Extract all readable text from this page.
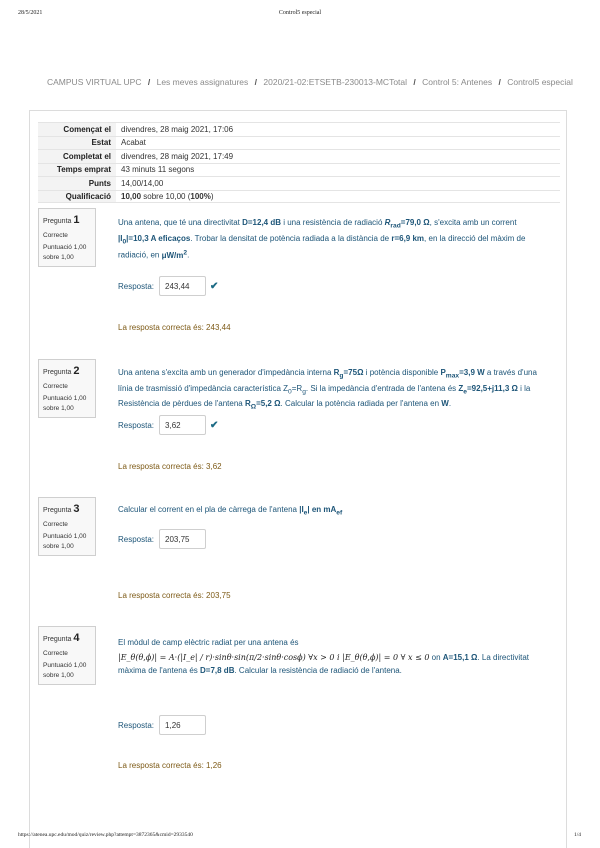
28/5/2021	Control5 especial
CAMPUS VIRTUAL UPC / Les meves assignatures / 2020/21-02:ETSETB-230013-MCTotal / Control 5: Antenes / Control5 especial
Començat el	divendres, 28 maig 2021, 17:06
Estat	Acabat
Completat el	divendres, 28 maig 2021, 17:49
Temps emprat	43 minuts 11 segons
Punts	14,00/14,00
Qualificació	10,00 sobre 10,00 (100%)
Pregunta 1
Correcte
Puntuació 1,00
sobre 1,00
Una antena, que té una directivitat D=12,4 dB i una resistència de radiació $R_{rad}=79,0$ Ω, s'excita amb un corrent $|I_0|=10,3$ A eficaços. Trobar la densitat de potència radiada a la distància de r=6,9 km, en la direcció del màxim de radiació, en $\mu W/m^2$.
Resposta:	243,44	✔
La resposta correcta és: 243,44
Pregunta 2
Correcte
Puntuació 1,00
sobre 1,00
Una antena s'excita amb un generador d'impedància interna $R_g=75\Omega$ i potència disponible $P_{max}=3,9$ W a través d'una línia de trasmissió d'impedància característica $Z_0=R_g$. Si la impedància d'entrada de l'antena és $Z_e=92,5+j11,3$ Ω i la Resistència de pèrdues de l'antena $R_\Omega=5,2$ Ω. Calcular la potència radiada per l'antena en W.
Resposta:	3,62	✔
La resposta correcta és: 3,62
Pregunta 3
Correcte
Puntuació 1,00
sobre 1,00
Calcular el corrent en el pla de càrrega de l'antena $|I_e|$ en $mA_{ef}$
Resposta:	203,75
La resposta correcta és: 203,75
Pregunta 4
Correcte
Puntuació 1,00
sobre 1,00
El mòdul de camp elèctric radiat per una antena és
|E_θ(θ,ϕ)| = A·(|I_e| / r)·sinθ·sin(π/2·sinθ·cosϕ) ∀x > 0 i |E_θ(θ,ϕ)| = 0 ∀ x ≤ 0 on A=15,1 Ω. La directivitat màxima de l'antena és D=7,8 dB. Calcular la resistència de radiació de l'antena.
Resposta:	1,26
La resposta correcta és: 1,26
https://atenea.upc.edu/mod/quiz/review.php?attempt=3872365&cmid=2933540	1/4
